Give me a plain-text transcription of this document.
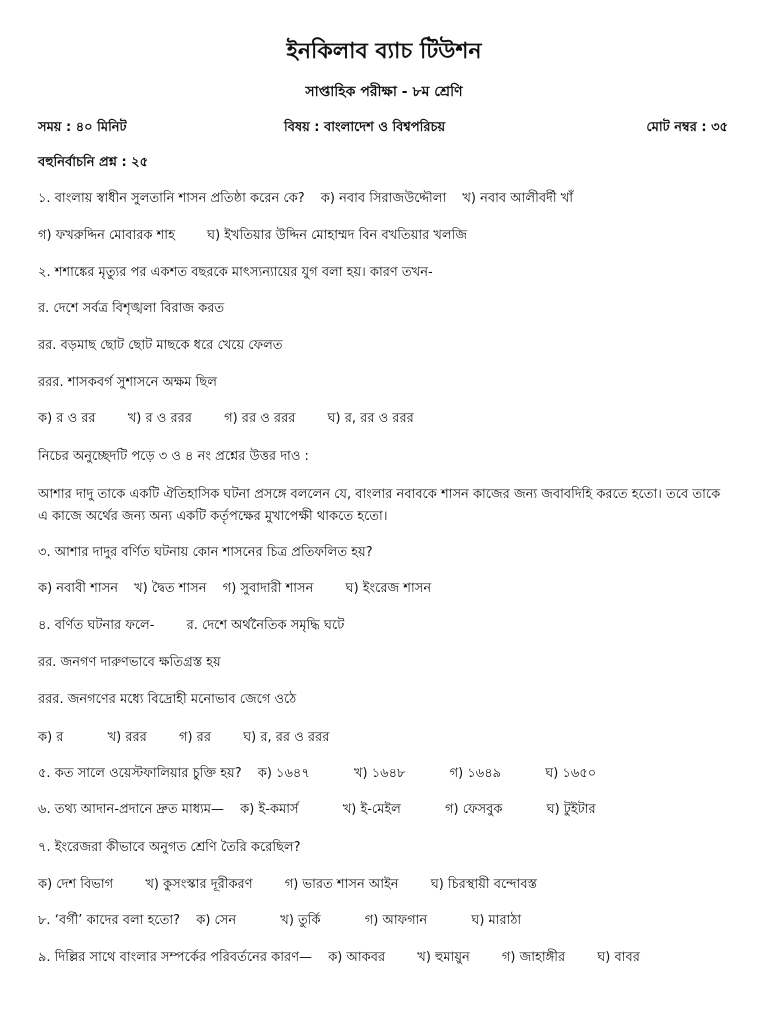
ইনকিলাব ব্যাচ টিউশন
সাপ্তাহিক পরীক্ষা - ৮ম শ্রেণি
সময় : ৪০ মিনিট	বিষয় : বাংলাদেশ ও বিশ্বপরিচয়	মোট নম্বর : ৩৫
বহুনির্বাচনি প্রশ্ন : ২৫
১. বাংলায় স্বাধীন সুলতানি শাসন প্রতিষ্ঠা করেন কে? ক) নবাব সিরাজউদ্দৌলা খ) নবাব আলীবর্দী খাঁ
গ) ফখরুদ্দিন মোবারক শাহ ঘ) ইখতিয়ার উদ্দিন মোহাম্মদ বিন বখতিয়ার খলজি
২. শশাঙ্কের মৃত্যুর পর একশত বছরকে মাৎস্যন্যায়ের যুগ বলা হয়। কারণ তখন-
র. দেশে সর্বত্র বিশৃঙ্খলা বিরাজ করত
রর. বড়মাছ ছোট ছোট মাছকে ধরে খেয়ে ফেলত
ররর. শাসকবর্গ সুশাসনে অক্ষম ছিল
ক) র ও রর খ) র ও ররর গ) রর ও ররর ঘ) র, রর ও ররর
নিচের অনুচ্ছেদটি পড়ে ৩ ও ৪ নং প্রশ্নের উত্তর দাও :
আশার দাদু তাকে একটি ঐতিহাসিক ঘটনা প্রসঙ্গে বললেন যে, বাংলার নবাবকে শাসন কাজের জন্য জবাবদিহি করতে হতো। তবে তাকে এ কাজে অর্থের জন্য অন্য একটি কর্তৃপক্ষের মুখাপেক্ষী থাকতে হতো।
৩. আশার দাদুর বর্ণিত ঘটনায় কোন শাসনের চিত্র প্রতিফলিত হয়?
ক) নবাবী শাসন খ) দ্বৈত শাসন গ) সুবাদারী শাসন ঘ) ইংরেজ শাসন
৪. বর্ণিত ঘটনার ফলে- র. দেশে অর্থনৈতিক সমৃদ্ধি ঘটে
রর. জনগণ দারুণভাবে ক্ষতিগ্রস্ত হয়
ররর. জনগণের মধ্যে বিদ্রোহী মনোভাব জেগে ওঠে
ক) র	খ) ররর গ) রর ঘ) র, রর ও ররর
৫. কত সালে ওয়েস্টফালিয়ার চুক্তি হয়? ক) ১৬৪৭	খ) ১৬৪৮	গ) ১৬৪৯	ঘ) ১৬৫০
৬. তথ্য আদান-প্রদানে দ্রুত মাধ্যম— ক) ই-কমার্স	খ) ই-মেইল	গ) ফেসবুক	ঘ) টুইটার
৭. ইংরেজরা কীভাবে অনুগত শ্রেণি তৈরি করেছিল?
ক) দেশ বিভাগ খ) কুসংস্কার দূরীকরণ গ) ভারত শাসন আইন ঘ) চিরস্থায়ী বন্দোবস্ত
৮. ‘বর্গী’ কাদের বলা হতো? ক) সেন	খ) তুর্কি	গ) আফগান	ঘ) মারাঠা
৯. দিল্লির সাথে বাংলার সম্পর্কের পরিবর্তনের কারণ— ক) আকবর খ) হুমায়ুন গ) জাহাঙ্গীর ঘ) বাবর
